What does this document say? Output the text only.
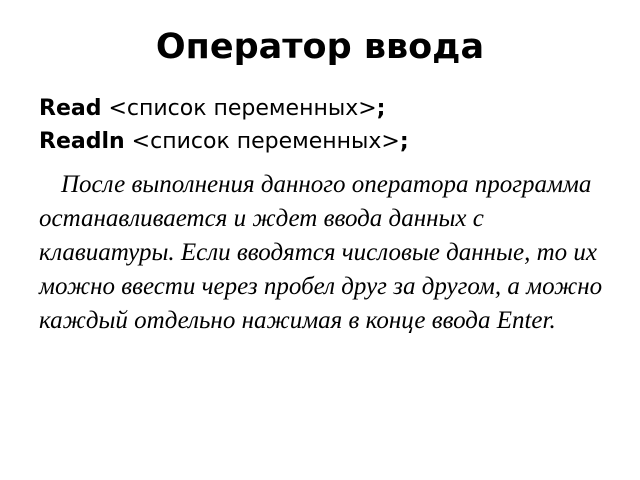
Оператор ввода
Read <список переменных>;
Readln <список переменных>;

После выполнения данного оператора программа останавливается и ждет ввода данных с клавиатуры. Если вводятся числовые данные, то их можно ввести через пробел друг за другом, а можно каждый отдельно нажимая в конце ввода Enter.
